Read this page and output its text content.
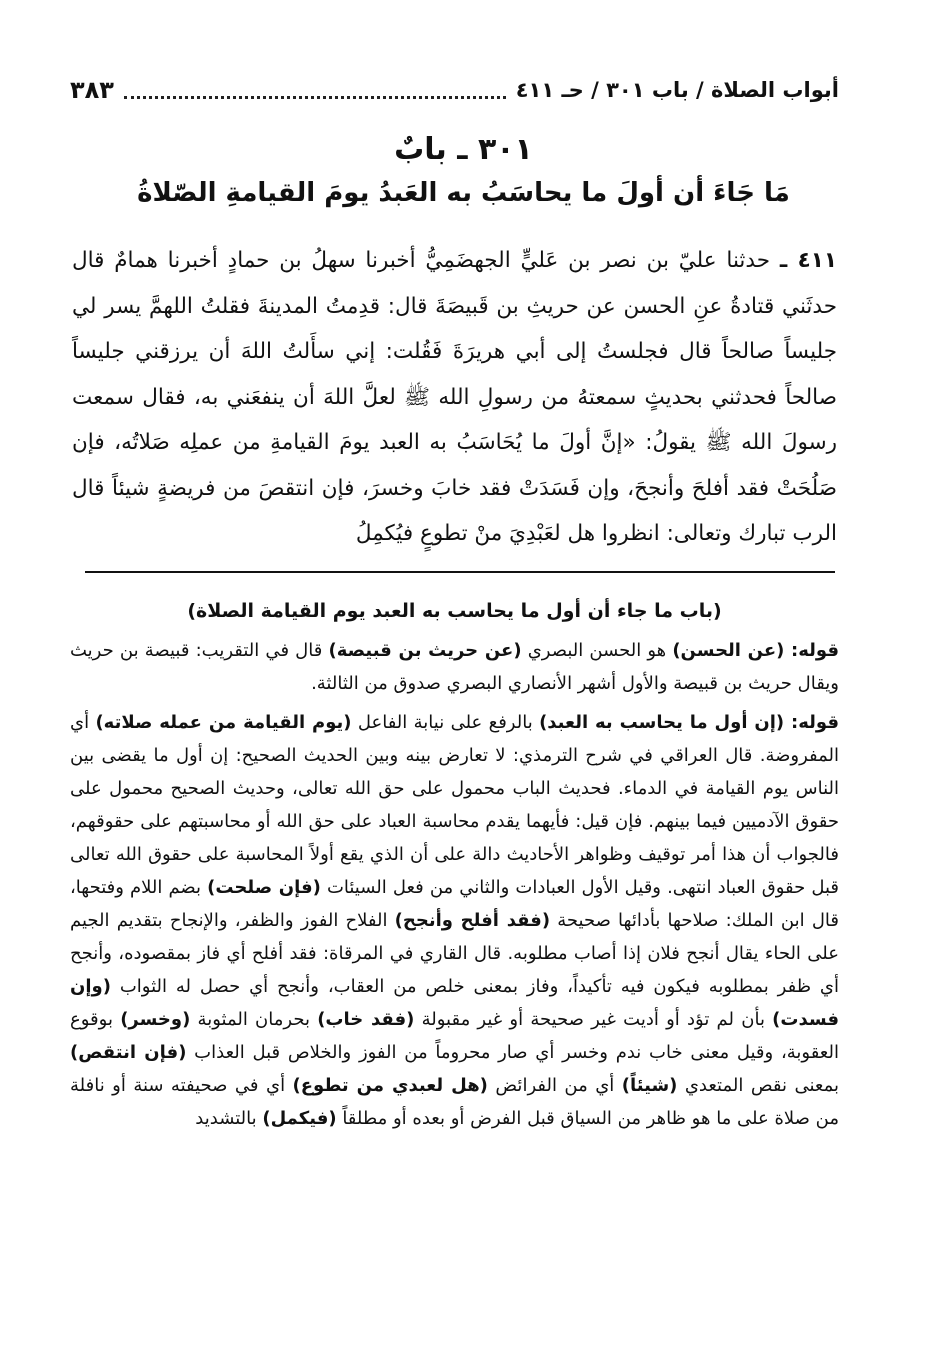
أبواب الصلاة / باب ٣٠١ / حـ ٤١١
٣٨٣
٣٠١ ـ بابٌ
مَا جَاءَ أن أولَ ما يحاسَبُ به العَبدُ يومَ القيامةِ الصّلاةُ
٤١١ ـ حدثنا عليّ بن نصر بن عَليٍّ الجهضَمِيُّ أخبرنا سهلُ بن حمادٍ أخبرنا همامٌ قال حدثَني قتادةُ عنِ الحسن عن حريثِ بن قَبيصَةَ قال: قدِمتُ المدينةَ فقلتُ اللهمَّ يسر لي جليساً صالحاً قال فجلستُ إلى أبي هريرَةَ فَقُلت: إني سأَلتُ اللهَ أن يرزقني جليساً صالحاً فحدثني بحديثٍ سمعتهُ من رسولِ الله ﷺ لعلَّ اللهَ أن ينفعَني به، فقال سمعت رسولَ الله ﷺ يقولُ: «إنَّ أولَ ما يُحَاسَبُ به العبد يومَ القيامةِ من عملِه صَلاتُه، فإن صَلُحَتْ فقد أفلحَ وأنجحَ، وإن فَسَدَتْ فقد خابَ وخسرَ، فإن انتقصَ من فريضةٍ شيئاً قال الرب تبارك وتعالى: انظروا هل لعَبْدِيَ منْ تطوعٍ فيُكمِلُ
(باب ما جاء أن أول ما يحاسب به العبد يوم القيامة الصلاة)

قوله: (عن الحسن) هو الحسن البصري (عن حريث بن قبيصة) قال في التقريب: قبيصة بن حريث ويقال حريث بن قبيصة والأول أشهر الأنصاري البصري صدوق من الثالثة.

قوله: (إن أول ما يحاسب به العبد) بالرفع على نيابة الفاعل (يوم القيامة من عمله صلاته) أي المفروضة. قال العراقي في شرح الترمذي: لا تعارض بينه وبين الحديث الصحيح: إن أول ما يقضى بين الناس يوم القيامة في الدماء. فحديث الباب محمول على حق الله تعالى، وحديث الصحيح محمول على حقوق الآدميين فيما بينهم. فإن قيل: فأيهما يقدم محاسبة العباد على حق الله أو محاسبتهم على حقوقهم، فالجواب أن هذا أمر توقيف وظواهر الأحاديث دالة على أن الذي يقع أولاً المحاسبة على حقوق الله تعالى قبل حقوق العباد انتهى. وقيل الأول العبادات والثاني من فعل السيئات (فإن صلحت) بضم اللام وفتحها، قال ابن الملك: صلاحها بأدائها صحيحة (فقد أفلح وأنجح) الفلاح الفوز والظفر، والإنجاح بتقديم الجيم على الحاء يقال أنجح فلان إذا أصاب مطلوبه. قال القاري في المرقاة: فقد أفلح أي فاز بمقصوده، وأنجح أي ظفر بمطلوبه فيكون فيه تأكيداً، وفاز بمعنى خلص من العقاب، وأنجح أي حصل له الثواب (وإن فسدت) بأن لم تؤد أو أديت غير صحيحة أو غير مقبولة (فقد خاب) بحرمان المثوبة (وخسر) بوقوع العقوبة، وقيل معنى خاب ندم وخسر أي صار محروماً من الفوز والخلاص قبل العذاب (فإن انتقص) بمعنى نقص المتعدي (شيئاً) أي من الفرائض (هل لعبدي من تطوع) أي في صحيفته سنة أو نافلة من صلاة على ما هو ظاهر من السياق قبل الفرض أو بعده أو مطلقاً (فيكمل) بالتشديد
